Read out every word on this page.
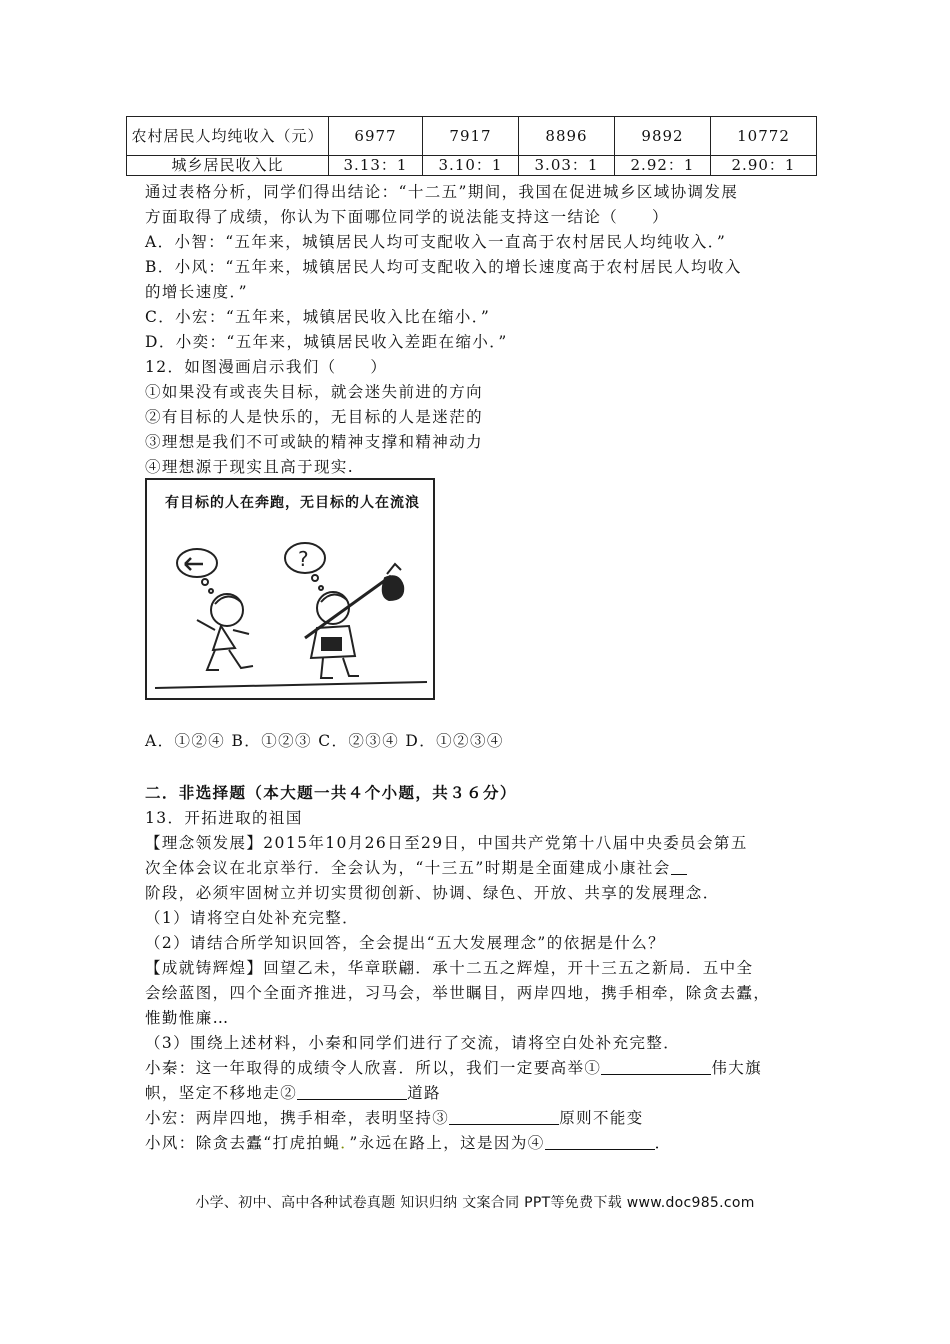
农村居民人均纯收入（元）	6977	7917	8896	9892	10772
城乡居民收入比	3.13：1	3.10：1	3.03：1	2.92：1	2.90：1
通过表格分析，同学们得出结论：“十二五”期间，我国在促进城乡区域协调发展
方面取得了成绩，你认为下面哪位同学的说法能支持这一结论（　　）
A．小智：“五年来，城镇居民人均可支配收入一直高于农村居民人均纯收入．”
B．小风：“五年来，城镇居民人均可支配收入的增长速度高于农村居民人均收入
的增长速度．”
C．小宏：“五年来，城镇居民收入比在缩小．”
D．小奕：“五年来，城镇居民收入差距在缩小．”
12．如图漫画启示我们（　　）
①如果没有或丧失目标，就会迷失前进的方向
②有目标的人是快乐的，无目标的人是迷茫的
③理想是我们不可或缺的精神支撑和精神动力
④理想源于现实且高于现实.
?
有目标的人在奔跑，无目标的人在流浪
A．①②④ B．①②③ C．②③④ D．①②③④
二．非选择题（本大题一共４个小题，共３６分）
13．开拓进取的祖国
【理念领发展】2015年10月26日至29日，中国共产党第十八届中央委员会第五
次全体会议在北京举行．全会认为，“十三五”时期是全面建成小康社会
阶段，必须牢固树立并切实贯彻创新、协调、绿色、开放、共享的发展理念．
（1）请将空白处补充完整．
（2）请结合所学知识回答，全会提出“五大发展理念”的依据是什么？
【成就铸辉煌】回望乙未，华章联翩．承十二五之辉煌，开十三五之新局．五中全
会绘蓝图，四个全面齐推进，习马会，举世瞩目，两岸四地，携手相牵，除贪去蠹，
惟勤惟廉…
（3）围绕上述材料，小秦和同学们进行了交流，请将空白处补充完整．
小秦：这一年取得的成绩令人欣喜．所以，我们一定要高举①	伟大旗
帜，坚定不移地走②	道路
小宏：两岸四地，携手相牵，表明坚持③	原则不能变
小风：除贪去蠹“打虎拍蝇．”永远在路上，这是因为④	．
小学、初中、高中各种试卷真题 知识归纳 文案合同 PPT等免费下载 www.doc985.com
